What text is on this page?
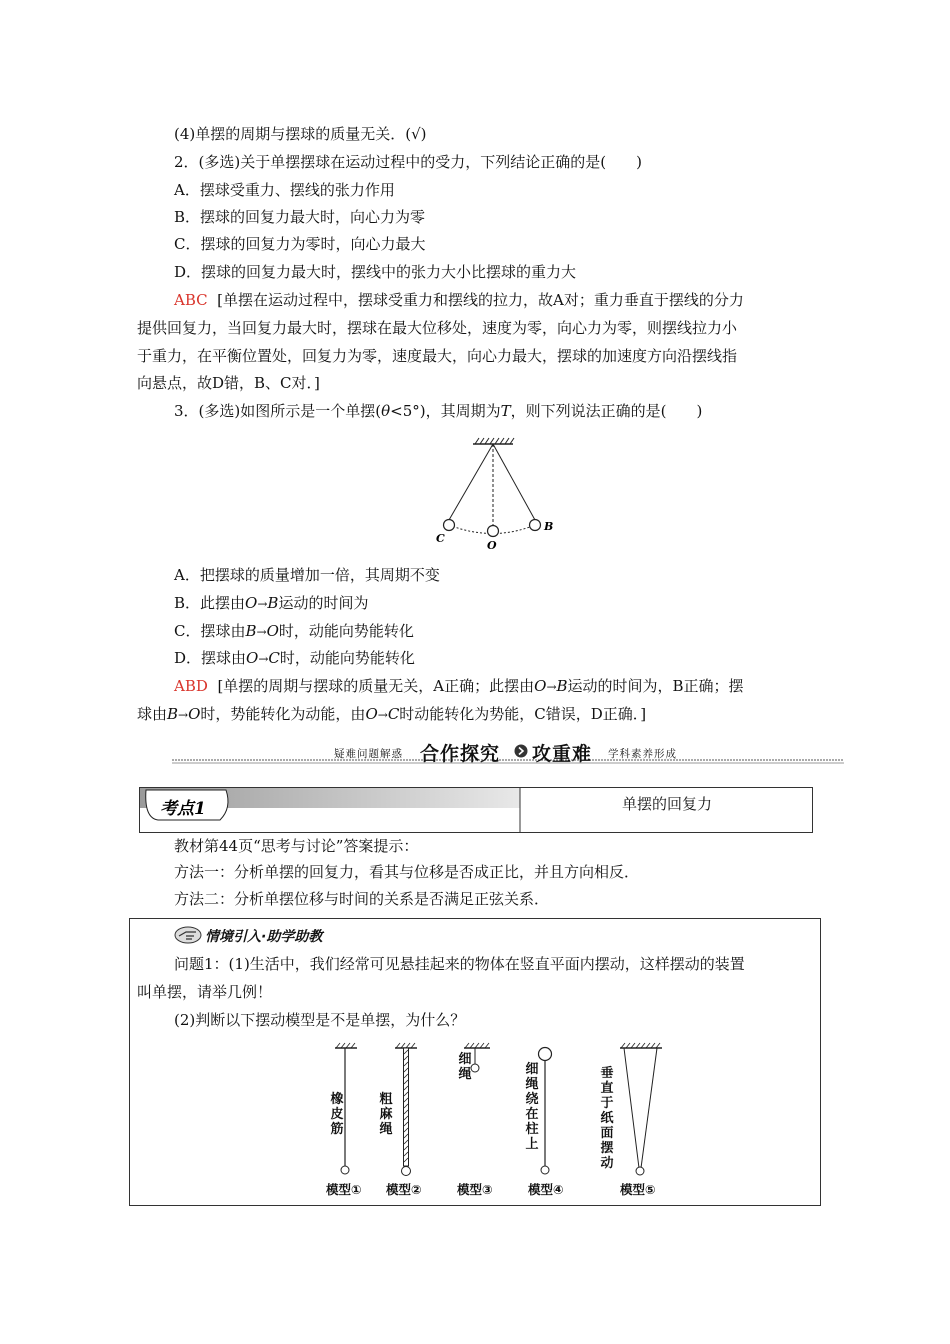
(4)单摆的周期与摆球的质量无关．(√)
2．(多选)关于单摆摆球在运动过程中的受力，下列结论正确的是(　　)
A．摆球受重力、摆线的张力作用
B．摆球的回复力最大时，向心力为零
C．摆球的回复力为零时，向心力最大
D．摆球的回复力最大时，摆线中的张力大小比摆球的重力大
ABC [单摆在运动过程中，摆球受重力和摆线的拉力，故A对；重力垂直于摆线的分力
提供回复力，当回复力最大时，摆球在最大位移处，速度为零，向心力为零，则摆线拉力小
于重力，在平衡位置处，回复力为零，速度最大，向心力最大，摆球的加速度方向沿摆线指
向悬点，故D错，B、C对．]
3．(多选)如图所示是一个单摆(θ<5°)，其周期为T，则下列说法正确的是(　　)
C
O
B
A．把摆球的质量增加一倍，其周期不变
B．此摆由O→B运动的时间为
C．摆球由B→O时，动能向势能转化
D．摆球由O→C时，动能向势能转化
ABD [单摆的周期与摆球的质量无关，A正确；此摆由O→B运动的时间为，B正确；摆
球由B→O时，势能转化为动能，由O→C时动能转化为势能，C错误，D正确．]
疑难问题解惑 合作探究 攻重难 学科素养形成
考点1	单摆的回复力
教材第44页“思考与讨论”答案提示：
方法一：分析单摆的回复力，看其与位移是否成正比，并且方向相反．
方法二：分析单摆位移与时间的关系是否满足正弦关系．
情境引入·助学助教
问题1：(1)生活中，我们经常可见悬挂起来的物体在竖直平面内摆动，这样摆动的装置
叫单摆，请举几例！
(2)判断以下摆动模型是不是单摆，为什么？
橡皮筋
粗麻绳
细绳	细绳绕在柱上
垂直于纸面摆动
模型① 模型②	模型③	模型④	模型⑤
